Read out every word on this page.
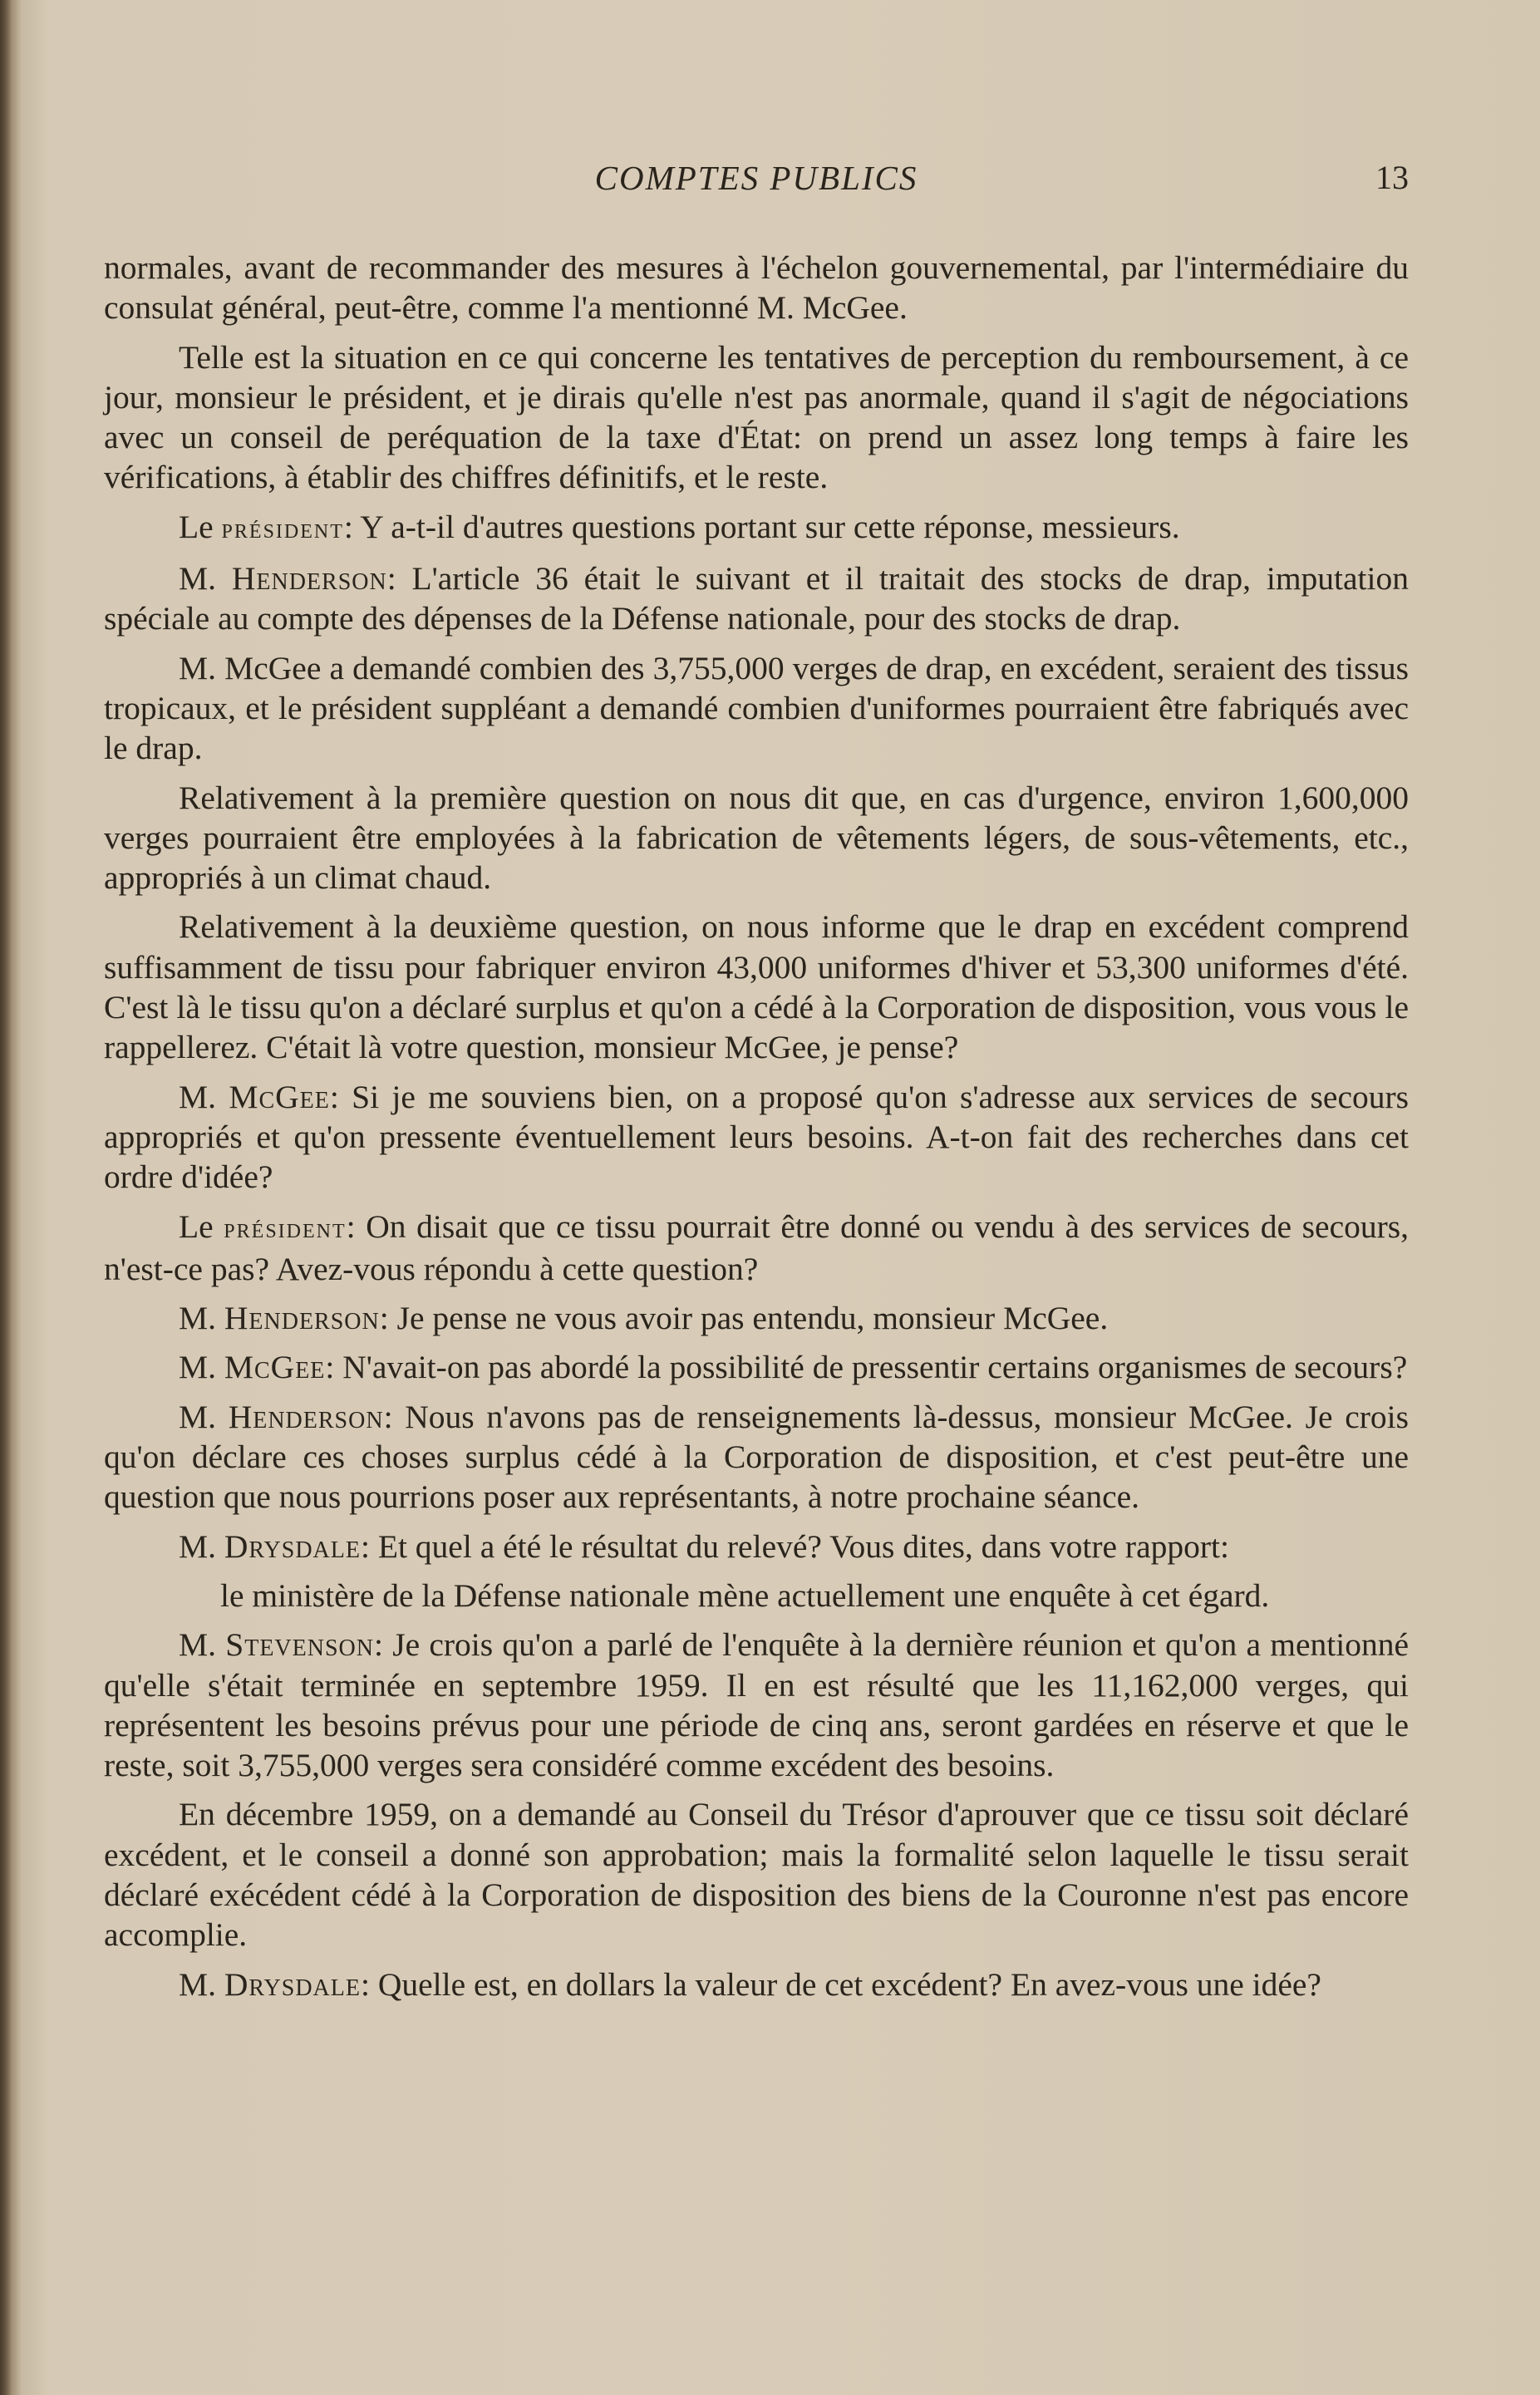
COMPTES PUBLICS	13

normales, avant de recommander des mesures à l'échelon gouvernemental, par l'intermédiaire du consulat général, peut-être, comme l'a mentionné M. McGee.

Telle est la situation en ce qui concerne les tentatives de perception du remboursement, à ce jour, monsieur le président, et je dirais qu'elle n'est pas anormale, quand il s'agit de négociations avec un conseil de peréquation de la taxe d'État: on prend un assez long temps à faire les vérifications, à établir des chiffres définitifs, et le reste.

Le président: Y a-t-il d'autres questions portant sur cette réponse, messieurs.

M. Henderson: L'article 36 était le suivant et il traitait des stocks de drap, imputation spéciale au compte des dépenses de la Défense nationale, pour des stocks de drap.

M. McGee a demandé combien des 3,755,000 verges de drap, en excédent, seraient des tissus tropicaux, et le président suppléant a demandé combien d'uniformes pourraient être fabriqués avec le drap.

Relativement à la première question on nous dit que, en cas d'urgence, environ 1,600,000 verges pourraient être employées à la fabrication de vêtements légers, de sous-vêtements, etc., appropriés à un climat chaud.

Relativement à la deuxième question, on nous informe que le drap en excédent comprend suffisamment de tissu pour fabriquer environ 43,000 uniformes d'hiver et 53,300 uniformes d'été. C'est là le tissu qu'on a déclaré surplus et qu'on a cédé à la Corporation de disposition, vous vous le rappellerez. C'était là votre question, monsieur McGee, je pense?

M. McGee: Si je me souviens bien, on a proposé qu'on s'adresse aux services de secours appropriés et qu'on pressente éventuellement leurs besoins. A-t-on fait des recherches dans cet ordre d'idée?

Le président: On disait que ce tissu pourrait être donné ou vendu à des services de secours, n'est-ce pas? Avez-vous répondu à cette question?

M. Henderson: Je pense ne vous avoir pas entendu, monsieur McGee.

M. McGee: N'avait-on pas abordé la possibilité de pressentir certains organismes de secours?

M. Henderson: Nous n'avons pas de renseignements là-dessus, monsieur McGee. Je crois qu'on déclare ces choses surplus cédé à la Corporation de disposition, et c'est peut-être une question que nous pourrions poser aux représentants, à notre prochaine séance.

M. Drysdale: Et quel a été le résultat du relevé? Vous dites, dans votre rapport:

le ministère de la Défense nationale mène actuellement une enquête à cet égard.

M. Stevenson: Je crois qu'on a parlé de l'enquête à la dernière réunion et qu'on a mentionné qu'elle s'était terminée en septembre 1959. Il en est résulté que les 11,162,000 verges, qui représentent les besoins prévus pour une période de cinq ans, seront gardées en réserve et que le reste, soit 3,755,000 verges sera considéré comme excédent des besoins.

En décembre 1959, on a demandé au Conseil du Trésor d'aprouver que ce tissu soit déclaré excédent, et le conseil a donné son approbation; mais la formalité selon laquelle le tissu serait déclaré exécédent cédé à la Corporation de disposition des biens de la Couronne n'est pas encore accomplie.

M. Drysdale: Quelle est, en dollars la valeur de cet excédent? En avez-vous une idée?
